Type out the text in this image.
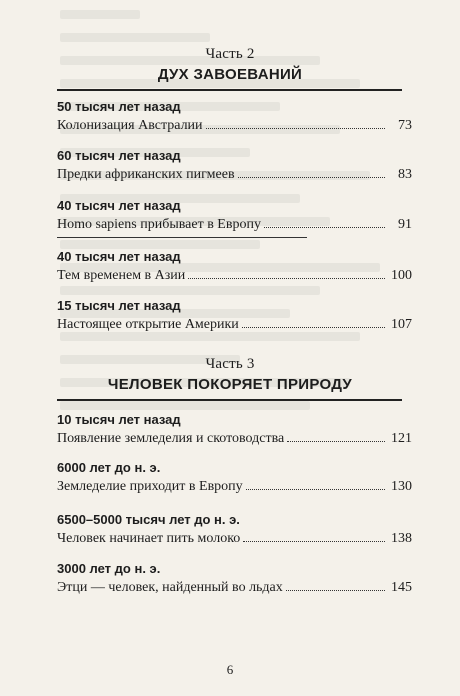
Часть 2
ДУХ ЗАВОЕВАНИЙ
50 тысяч лет назад
Колонизация Австралии	73
60 тысяч лет назад
Предки африканских пигмеев	83
40 тысяч лет назад
Homo sapiens прибывает в Европу	91
40 тысяч лет назад
Тем временем в Азии	100
15 тысяч лет назад
Настоящее открытие Америки	107
Часть 3
ЧЕЛОВЕК ПОКОРЯЕТ ПРИРОДУ
10 тысяч лет назад
Появление земледелия и скотоводства	121
6000 лет до н. э.
Земледелие приходит в Европу	130
6500–5000 тысяч лет до н. э.
Человек начинает пить молоко	138
3000 лет до н. э.
Этци — человек, найденный во льдах	145
6
